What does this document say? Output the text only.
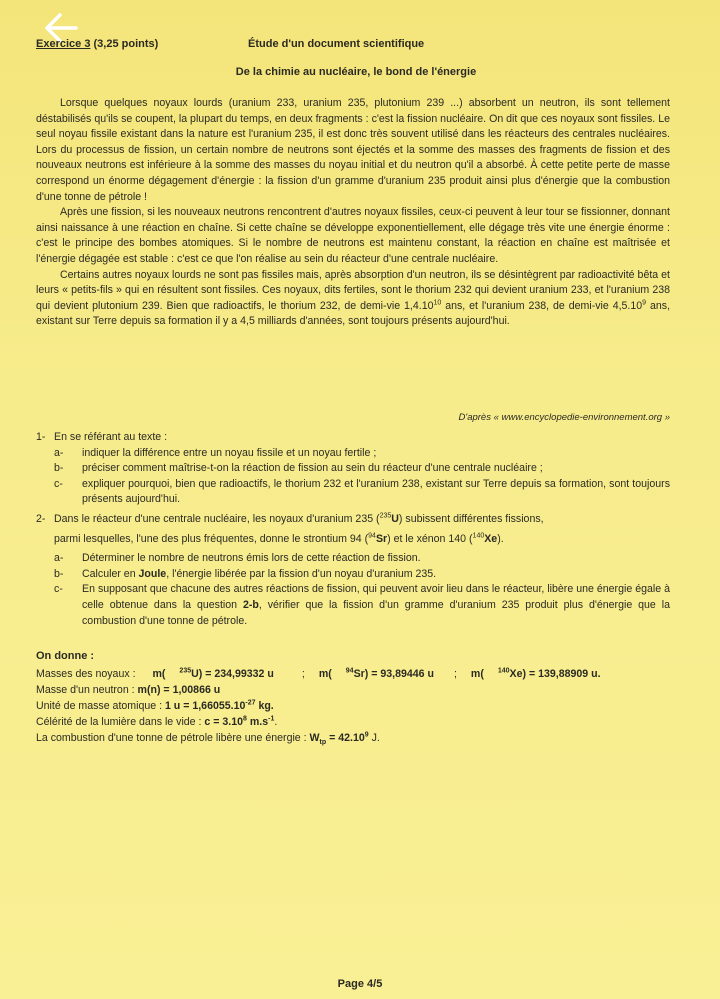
Exercice 3 (3,25 points)	Étude d'un document scientifique
De la chimie au nucléaire, le bond de l'énergie

Lorsque quelques noyaux lourds (uranium 233, uranium 235, plutonium 239 ...) absorbent un neutron, ils sont tellement déstabilisés qu'ils se coupent, la plupart du temps, en deux fragments : c'est la fission nucléaire. On dit que ces noyaux sont fissiles. Le seul noyau fissile existant dans la nature est l'uranium 235, il est donc très souvent utilisé dans les réacteurs des centrales nucléaires. Lors du processus de fission, un certain nombre de neutrons sont éjectés et la somme des masses des fragments de fission et des nouveaux neutrons est inférieure à la somme des masses du noyau initial et du neutron qu'il a absorbé. À cette petite perte de masse correspond un énorme dégagement d'énergie : la fission d'un gramme d'uranium 235 produit ainsi plus d'énergie que la combustion d'une tonne de pétrole !

Après une fission, si les nouveaux neutrons rencontrent d'autres noyaux fissiles, ceux-ci peuvent à leur tour se fissionner, donnant ainsi naissance à une réaction en chaîne. Si cette chaîne se développe exponentiellement, elle dégage très vite une énergie énorme : c'est le principe des bombes atomiques. Si le nombre de neutrons est maintenu constant, la réaction en chaîne est maîtrisée et l'énergie dégagée est stable : c'est ce que l'on réalise au sein du réacteur d'une centrale nucléaire.

Certains autres noyaux lourds ne sont pas fissiles mais, après absorption d'un neutron, ils se désintègrent par radioactivité bêta et leurs « petits-fils » qui en résultent sont fissiles. Ces noyaux, dits fertiles, sont le thorium 232 qui devient uranium 233, et l'uranium 238 qui devient plutonium 239. Bien que radioactifs, le thorium 232, de demi-vie 1,4.10$^{10}$ ans, et l'uranium 238, de demi-vie 4,5.10$^9$ ans, existant sur Terre depuis sa formation il y a 4,5 milliards d'années, sont toujours présents aujourd'hui.

D'après « www.encyclopedie-environnement.org »
1- En se référant au texte :
a-	indiquer la différence entre un noyau fissile et un noyau fertile ;
b-	préciser comment maîtrise-t-on la réaction de fission au sein du réacteur d'une centrale nucléaire ;
c-	expliquer pourquoi, bien que radioactifs, le thorium 232 et l'uranium 238, existant sur Terre depuis sa formation, sont toujours présents aujourd'hui.
2- Dans le réacteur d'une centrale nucléaire, les noyaux d'uranium 235 ($^{235}$U) subissent différentes fissions,
parmi lesquelles, l'une des plus fréquentes, donne le strontium 94 ($^{94}$Sr) et le xénon 140 ($^{140}$Xe).
a-	Déterminer le nombre de neutrons émis lors de cette réaction de fission.
b-	Calculer en Joule, l'énergie libérée par la fission d'un noyau d'uranium 235.
c-	En supposant que chacune des autres réactions de fission, qui peuvent avoir lieu dans le réacteur, libère une énergie égale à celle obtenue dans la question 2-b, vérifier que la fission d'un gramme d'uranium 235 produit plus d'énergie que la combustion d'une tonne de pétrole.
On donne :
Masses des noyaux : m( $^{235}$U) = 234,99332 u	; m( $^{94}$Sr) = 93,89446 u	; m( $^{140}$Xe) = 139,88909 u.
Masse d'un neutron : m(n) = 1,00866 u
Unité de masse atomique : 1 $u = 1,66055.10^{-27}$ kg.
Célérité de la lumière dans le vide : $c = 3.10^8$ $m.s^{-1}$.
La combustion d'une tonne de pétrole libère une énergie : $W_{tp} = 42.10^9$ J.
Page 4/5
